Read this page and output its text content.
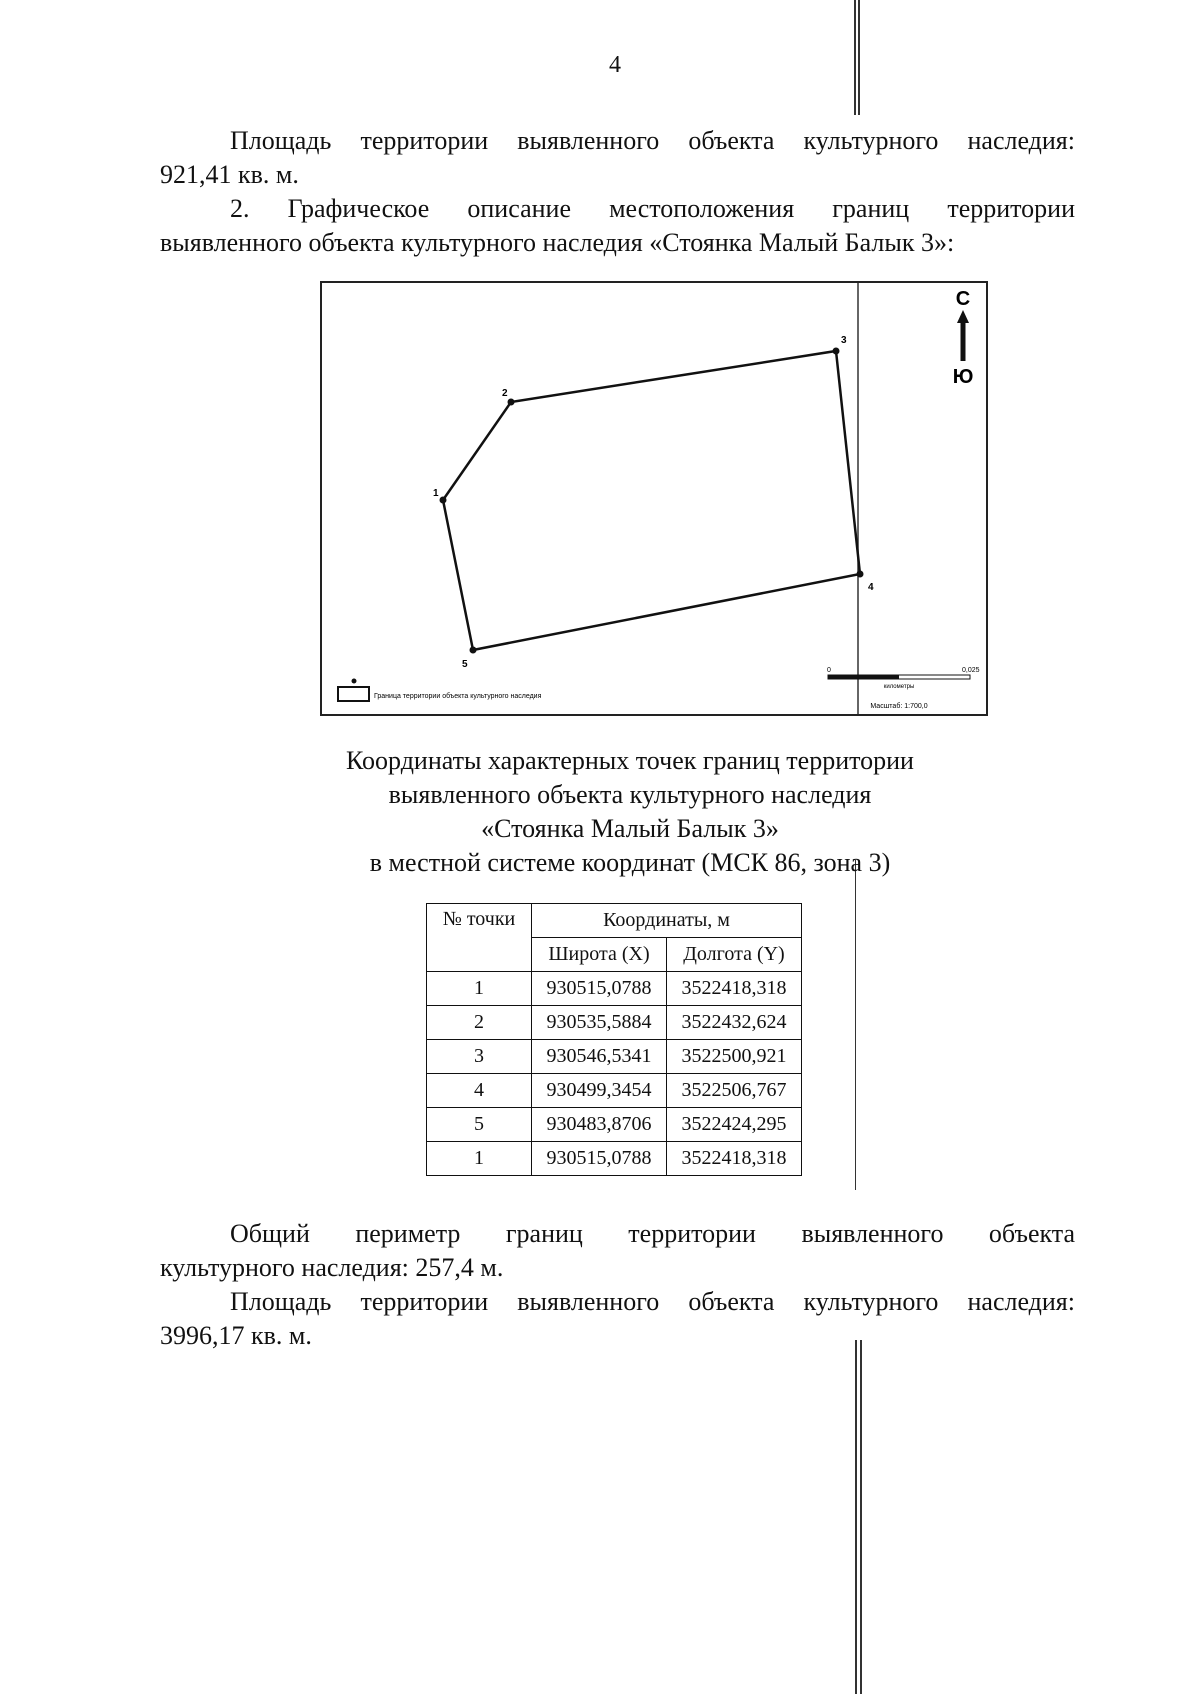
4
Площадь территории выявленного объекта культурного наследия:
921,41 кв. м.
2. Графическое описание местоположения границ территории
выявленного объекта культурного наследия «Стоянка Малый Балык 3»:
1
2
3
4
5
С
Ю
Граница территории объекта культурного наследия
0	0,025
километры
Масштаб: 1:700,0
Координаты характерных точек границ территории
выявленного объекта культурного наследия
«Стоянка Малый Балык 3»
в местной системе координат (МСК 86, зона 3)
№ точки	Координаты, м	
	Широта (X)	Долгота (Y)
1	930515,0788	3522418,318
2	930535,5884	3522432,624
3	930546,5341	3522500,921
4	930499,3454	3522506,767
5	930483,8706	3522424,295
1	930515,0788	3522418,318
Общий периметр границ территории выявленного объекта
культурного наследия: 257,4 м.
Площадь территории выявленного объекта культурного наследия:
3996,17 кв. м.
